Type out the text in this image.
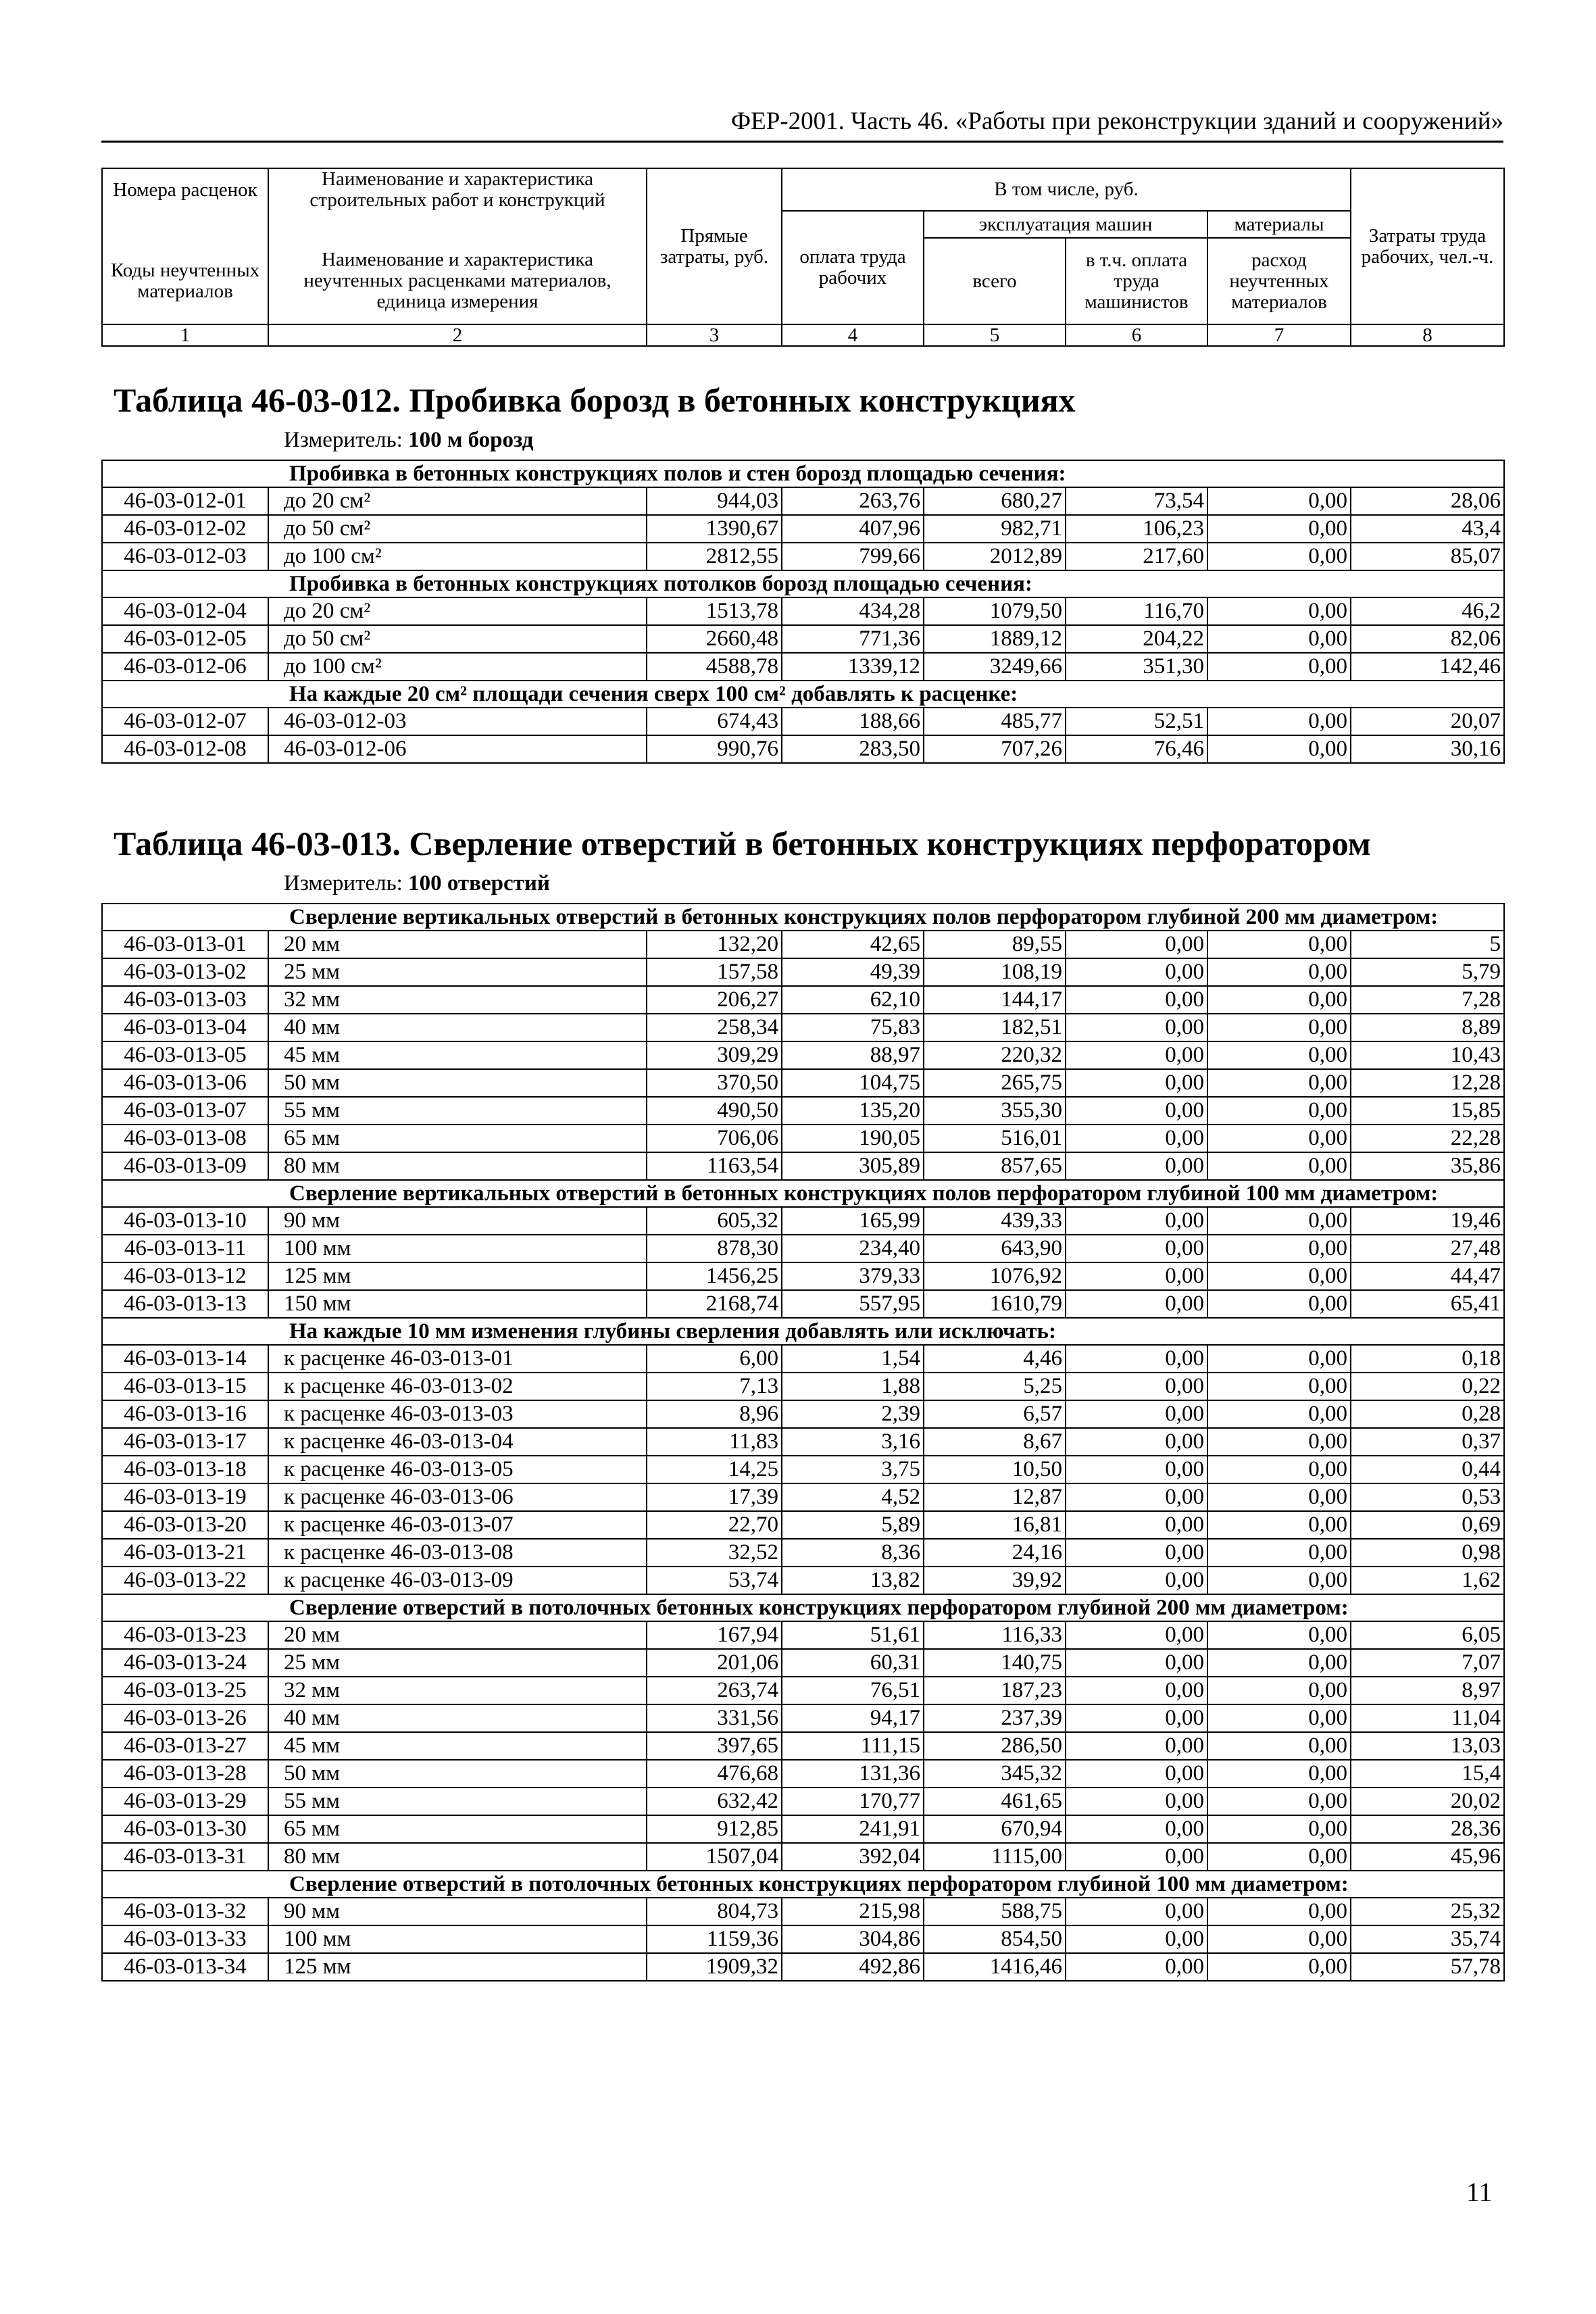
ФЕР-2001. Часть 46. «Работы при реконструкции зданий и сооружений»
Номера расценок	Наименование и характеристика строительных работ и конструкций	Прямые затраты, руб.	В том числе, руб.				Затраты труда рабочих, чел.-ч.
			оплата труда рабочих	эксплуатация машин		материалы	
Коды неучтенных материалов	Наименование и характеристика неучтенных расценками материалов, единица измерения			всего	в т.ч. оплата труда машинистов	расход неучтенных материалов	
1	2	3	4	5	6	7	8
Таблица 46-03-012. Пробивка борозд в бетонных конструкциях
Измеритель: 100 м борозд
Пробивка в бетонных конструкциях полов и стен борозд площадью сечения:							
46-03-012-01	до 20 см²	944,03	263,76	680,27	73,54	0,00	28,06
46-03-012-02	до 50 см²	1390,67	407,96	982,71	106,23	0,00	43,4
46-03-012-03	до 100 см²	2812,55	799,66	2012,89	217,60	0,00	85,07
Пробивка в бетонных конструкциях потолков борозд площадью сечения:							
46-03-012-04	до 20 см²	1513,78	434,28	1079,50	116,70	0,00	46,2
46-03-012-05	до 50 см²	2660,48	771,36	1889,12	204,22	0,00	82,06
46-03-012-06	до 100 см²	4588,78	1339,12	3249,66	351,30	0,00	142,46
На каждые 20 см² площади сечения сверх 100 см² добавлять к расценке:							
46-03-012-07	46-03-012-03	674,43	188,66	485,77	52,51	0,00	20,07
46-03-012-08	46-03-012-06	990,76	283,50	707,26	76,46	0,00	30,16
Таблица 46-03-013. Сверление отверстий в бетонных конструкциях перфоратором
Измеритель: 100 отверстий
Сверление вертикальных отверстий в бетонных конструкциях полов перфоратором глубиной 200 мм диаметром:							
46-03-013-01	20 мм	132,20	42,65	89,55	0,00	0,00	5
46-03-013-02	25 мм	157,58	49,39	108,19	0,00	0,00	5,79
46-03-013-03	32 мм	206,27	62,10	144,17	0,00	0,00	7,28
46-03-013-04	40 мм	258,34	75,83	182,51	0,00	0,00	8,89
46-03-013-05	45 мм	309,29	88,97	220,32	0,00	0,00	10,43
46-03-013-06	50 мм	370,50	104,75	265,75	0,00	0,00	12,28
46-03-013-07	55 мм	490,50	135,20	355,30	0,00	0,00	15,85
46-03-013-08	65 мм	706,06	190,05	516,01	0,00	0,00	22,28
46-03-013-09	80 мм	1163,54	305,89	857,65	0,00	0,00	35,86
Сверление вертикальных отверстий в бетонных конструкциях полов перфоратором глубиной 100 мм диаметром:							
46-03-013-10	90 мм	605,32	165,99	439,33	0,00	0,00	19,46
46-03-013-11	100 мм	878,30	234,40	643,90	0,00	0,00	27,48
46-03-013-12	125 мм	1456,25	379,33	1076,92	0,00	0,00	44,47
46-03-013-13	150 мм	2168,74	557,95	1610,79	0,00	0,00	65,41
На каждые 10 мм изменения глубины сверления добавлять или исключать:							
46-03-013-14	к расценке 46-03-013-01	6,00	1,54	4,46	0,00	0,00	0,18
46-03-013-15	к расценке 46-03-013-02	7,13	1,88	5,25	0,00	0,00	0,22
46-03-013-16	к расценке 46-03-013-03	8,96	2,39	6,57	0,00	0,00	0,28
46-03-013-17	к расценке 46-03-013-04	11,83	3,16	8,67	0,00	0,00	0,37
46-03-013-18	к расценке 46-03-013-05	14,25	3,75	10,50	0,00	0,00	0,44
46-03-013-19	к расценке 46-03-013-06	17,39	4,52	12,87	0,00	0,00	0,53
46-03-013-20	к расценке 46-03-013-07	22,70	5,89	16,81	0,00	0,00	0,69
46-03-013-21	к расценке 46-03-013-08	32,52	8,36	24,16	0,00	0,00	0,98
46-03-013-22	к расценке 46-03-013-09	53,74	13,82	39,92	0,00	0,00	1,62
Сверление отверстий в потолочных бетонных конструкциях перфоратором глубиной 200 мм диаметром:							
46-03-013-23	20 мм	167,94	51,61	116,33	0,00	0,00	6,05
46-03-013-24	25 мм	201,06	60,31	140,75	0,00	0,00	7,07
46-03-013-25	32 мм	263,74	76,51	187,23	0,00	0,00	8,97
46-03-013-26	40 мм	331,56	94,17	237,39	0,00	0,00	11,04
46-03-013-27	45 мм	397,65	111,15	286,50	0,00	0,00	13,03
46-03-013-28	50 мм	476,68	131,36	345,32	0,00	0,00	15,4
46-03-013-29	55 мм	632,42	170,77	461,65	0,00	0,00	20,02
46-03-013-30	65 мм	912,85	241,91	670,94	0,00	0,00	28,36
46-03-013-31	80 мм	1507,04	392,04	1115,00	0,00	0,00	45,96
Сверление отверстий в потолочных бетонных конструкциях перфоратором глубиной 100 мм диаметром:							
46-03-013-32	90 мм	804,73	215,98	588,75	0,00	0,00	25,32
46-03-013-33	100 мм	1159,36	304,86	854,50	0,00	0,00	35,74
46-03-013-34	125 мм	1909,32	492,86	1416,46	0,00	0,00	57,78
11
